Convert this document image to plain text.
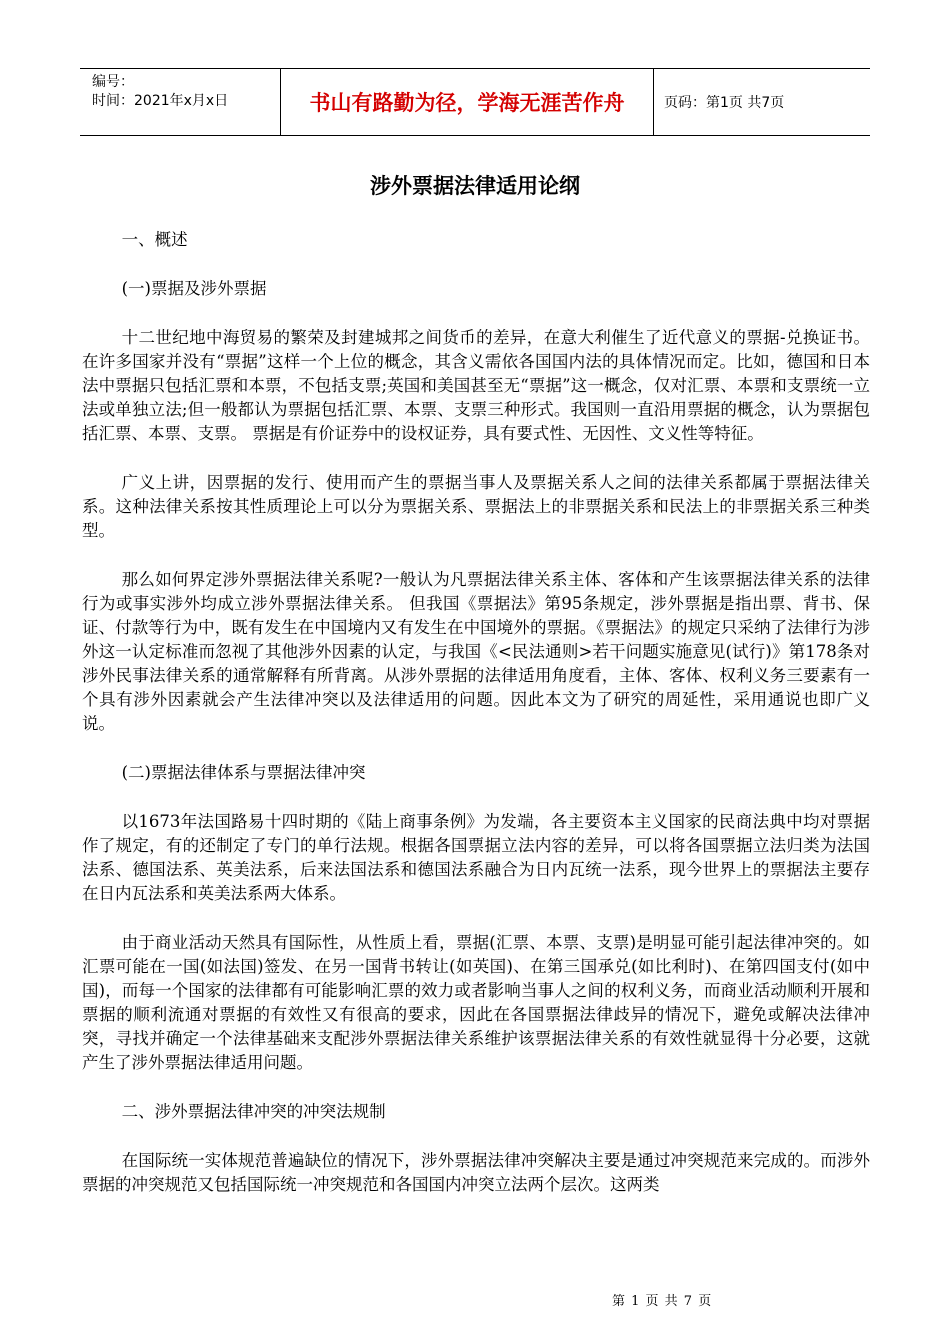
编号：
时间：2021年x月x日	书山有路勤为径，学海无涯苦作舟	页码：第1页 共7页
涉外票据法律适用论纲

一、概述

(一)票据及涉外票据

十二世纪地中海贸易的繁荣及封建城邦之间货币的差异，在意大利催生了近代意义的票据-兑换证书。 在许多国家并没有“票据”这样一个上位的概念，其含义需依各国国内法的具体情况而定。比如，德国和日本法中票据只包括汇票和本票，不包括支票;英国和美国甚至无“票据”这一概念，仅对汇票、本票和支票统一立法或单独立法;但一般都认为票据包括汇票、本票、支票三种形式。我国则一直沿用票据的概念，认为票据包括汇票、本票、支票。 票据是有价证券中的设权证券，具有要式性、无因性、文义性等特征。

广义上讲，因票据的发行、使用而产生的票据当事人及票据关系人之间的法律关系都属于票据法律关系。这种法律关系按其性质理论上可以分为票据关系、票据法上的非票据关系和民法上的非票据关系三种类型。

那么如何界定涉外票据法律关系呢?一般认为凡票据法律关系主体、客体和产生该票据法律关系的法律行为或事实涉外均成立涉外票据法律关系。 但我国《票据法》第95条规定，涉外票据是指出票、背书、保证、付款等行为中，既有发生在中国境内又有发生在中国境外的票据。《票据法》的规定只采纳了法律行为涉外这一认定标准而忽视了其他涉外因素的认定，与我国《<民法通则>若干问题实施意见(试行)》第178条对涉外民事法律关系的通常解释有所背离。从涉外票据的法律适用角度看，主体、客体、权利义务三要素有一个具有涉外因素就会产生法律冲突以及法律适用的问题。因此本文为了研究的周延性，采用通说也即广义说。

(二)票据法律体系与票据法律冲突

以1673年法国路易十四时期的《陆上商事条例》为发端，各主要资本主义国家的民商法典中均对票据作了规定，有的还制定了专门的单行法规。根据各国票据立法内容的差异，可以将各国票据立法归类为法国法系、德国法系、英美法系，后来法国法系和德国法系融合为日内瓦统一法系，现今世界上的票据法主要存在日内瓦法系和英美法系两大体系。

由于商业活动天然具有国际性，从性质上看，票据(汇票、本票、支票)是明显可能引起法律冲突的。如汇票可能在一国(如法国)签发、在另一国背书转让(如英国)、在第三国承兑(如比利时)、在第四国支付(如中国)，而每一个国家的法律都有可能影响汇票的效力或者影响当事人之间的权利义务，而商业活动顺利开展和票据的顺利流通对票据的有效性又有很高的要求，因此在各国票据法律歧异的情况下，避免或解决法律冲突，寻找并确定一个法律基础来支配涉外票据法律关系维护该票据法律关系的有效性就显得十分必要，这就产生了涉外票据法律适用问题。

二、涉外票据法律冲突的冲突法规制

在国际统一实体规范普遍缺位的情况下，涉外票据法律冲突解决主要是通过冲突规范来完成的。而涉外票据的冲突规范又包括国际统一冲突规范和各国国内冲突立法两个层次。这两类

第 1 页 共 7 页
